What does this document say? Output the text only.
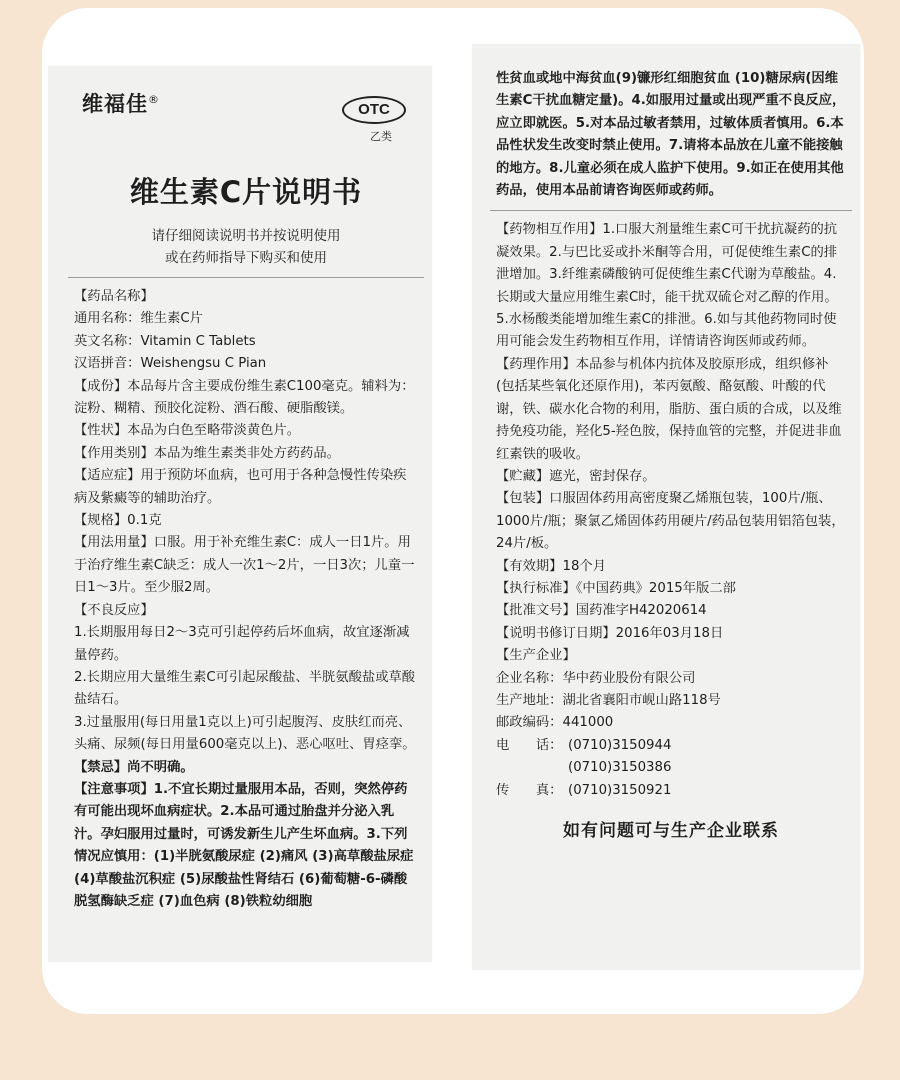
维福佳®
OTC
乙类
维生素C片说明书
请仔细阅读说明书并按说明使用
或在药师指导下购买和使用
【药品名称】
通用名称：维生素C片
英文名称：Vitamin C Tablets
汉语拼音：Weishengsu C Pian
【成份】本品每片含主要成份维生素C100毫克。辅料为：淀粉、糊精、预胶化淀粉、酒石酸、硬脂酸镁。
【性状】本品为白色至略带淡黄色片。
【作用类别】本品为维生素类非处方药药品。
【适应症】用于预防坏血病，也可用于各种急慢性传染疾病及紫癜等的辅助治疗。
【规格】0.1克
【用法用量】口服。用于补充维生素C：成人一日1片。用于治疗维生素C缺乏：成人一次1～2片，一日3次；儿童一日1～3片。至少服2周。
【不良反应】
1.长期服用每日2～3克可引起停药后坏血病，故宜逐渐减量停药。
2.长期应用大量维生素C可引起尿酸盐、半胱氨酸盐或草酸盐结石。
3.过量服用(每日用量1克以上)可引起腹泻、皮肤红而亮、头痛、尿频(每日用量600毫克以上)、恶心呕吐、胃痉挛。
【禁忌】尚不明确。
【注意事项】1.不宜长期过量服用本品，否则，突然停药有可能出现坏血病症状。2.本品可通过胎盘并分泌入乳汁。孕妇服用过量时，可诱发新生儿产生坏血病。3.下列情况应慎用：(1)半胱氨酸尿症 (2)痛风 (3)高草酸盐尿症 (4)草酸盐沉积症 (5)尿酸盐性肾结石 (6)葡萄糖-6-磷酸脱氢酶缺乏症 (7)血色病 (8)铁粒幼细胞
性贫血或地中海贫血(9)镰形红细胞贫血 (10)糖尿病(因维生素C干扰血糖定量)。4.如服用过量或出现严重不良反应，应立即就医。5.对本品过敏者禁用，过敏体质者慎用。6.本品性状发生改变时禁止使用。7.请将本品放在儿童不能接触的地方。8.儿童必须在成人监护下使用。9.如正在使用其他药品，使用本品前请咨询医师或药师。
【药物相互作用】1.口服大剂量维生素C可干扰抗凝药的抗凝效果。2.与巴比妥或扑米酮等合用，可促使维生素C的排泄增加。3.纤维素磷酸钠可促使维生素C代谢为草酸盐。4.长期或大量应用维生素C时，能干扰双硫仑对乙醇的作用。5.水杨酸类能增加维生素C的排泄。6.如与其他药物同时使用可能会发生药物相互作用，详情请咨询医师或药师。
【药理作用】本品参与机体内抗体及胶原形成，组织修补(包括某些氧化还原作用)，苯丙氨酸、酪氨酸、叶酸的代谢，铁、碳水化合物的利用，脂肪、蛋白质的合成，以及维持免疫功能，羟化5-羟色胺，保持血管的完整，并促进非血红素铁的吸收。
【贮藏】遮光，密封保存。
【包装】口服固体药用高密度聚乙烯瓶包装，100片/瓶、1000片/瓶；聚氯乙烯固体药用硬片/药品包装用铝箔包装，24片/板。
【有效期】18个月
【执行标准】《中国药典》2015年版二部
【批准文号】国药准字H42020614
【说明书修订日期】2016年03月18日
【生产企业】
企业名称：华中药业股份有限公司
生产地址：湖北省襄阳市岘山路118号
邮政编码：441000
电　　话： (0710)3150944
(0710)3150386
传　　真： (0710)3150921
如有问题可与生产企业联系
